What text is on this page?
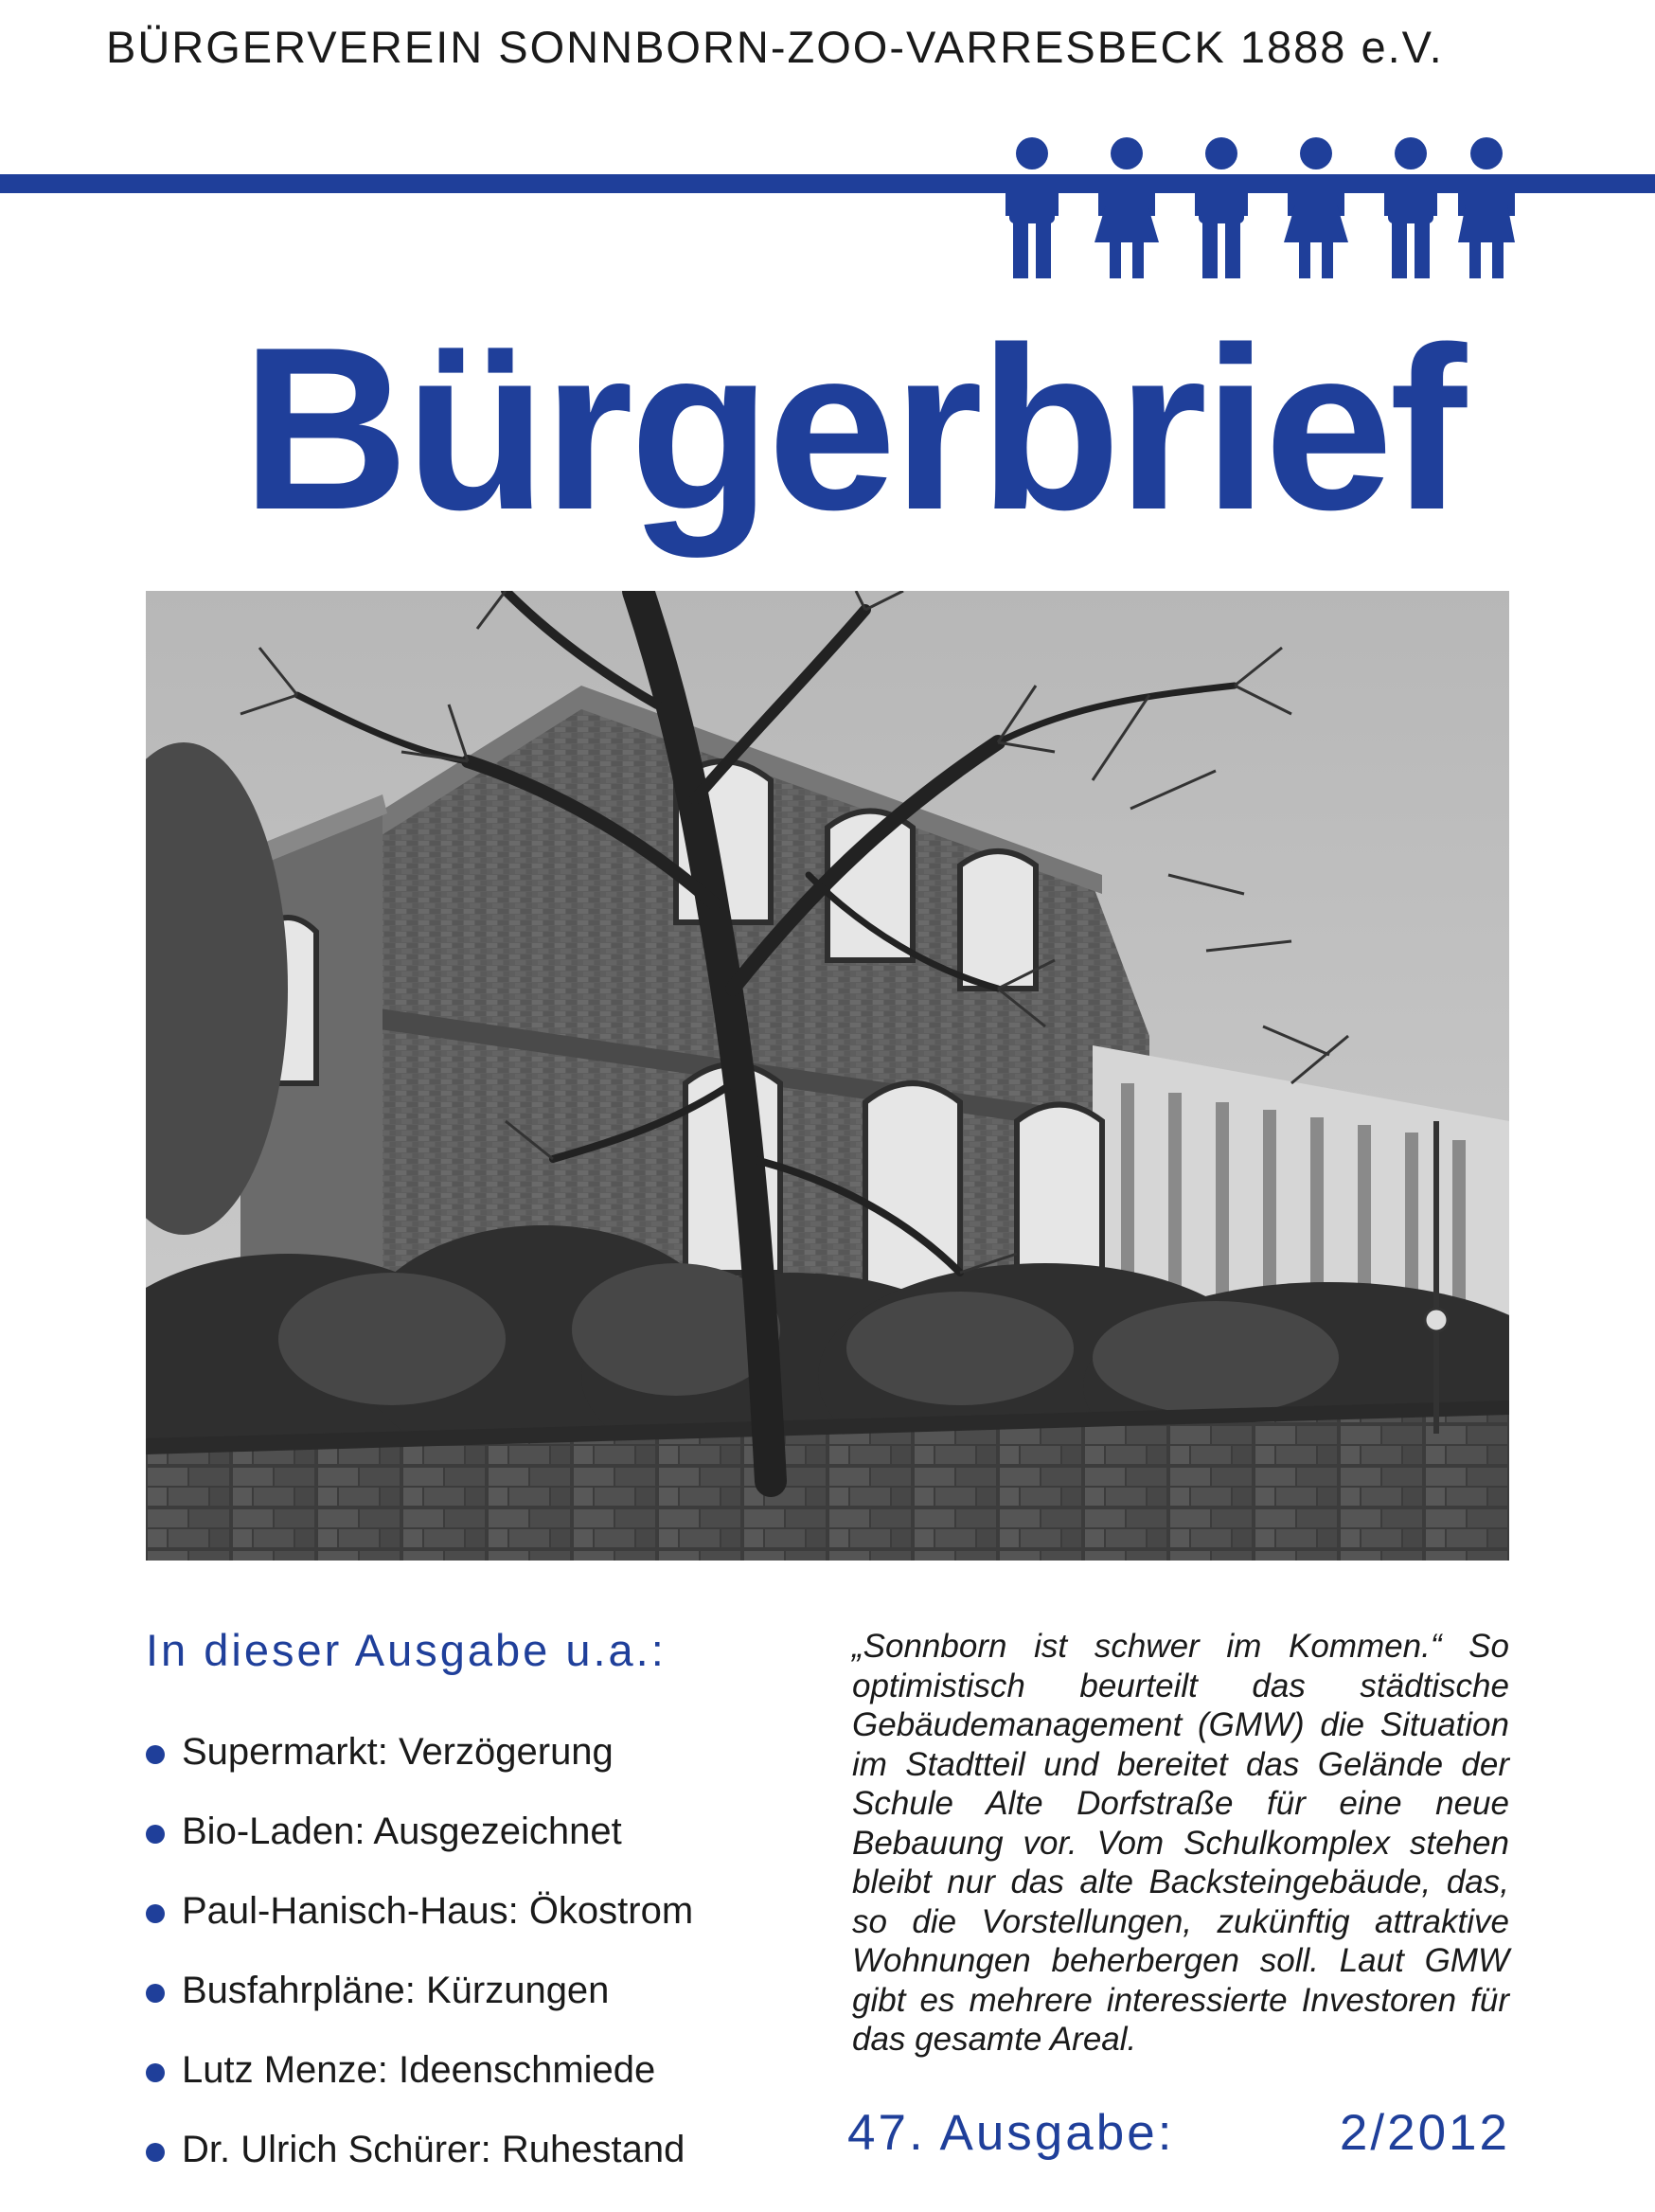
BÜRGERVEREIN SONNBORN-ZOO-VARRESBECK 1888 e.V.
Bürgerbrief
In dieser Ausgabe u.a.:
Supermarkt: Verzögerung
Bio-Laden: Ausgezeichnet
Paul-Hanisch-Haus: Ökostrom
Busfahrpläne: Kürzungen
Lutz Menze: Ideenschmiede
Dr. Ulrich Schürer: Ruhestand

„Sonnborn ist schwer im Kommen.“ So optimistisch beurteilt das städtische Gebäudemanagement (GMW) die Situation im Stadtteil und bereitet das Gelände der Schule Alte Dorfstraße für eine neue Bebauung vor. Vom Schulkomplex stehen bleibt nur das alte Backsteingebäude, das, so die Vorstellungen, zukünftig attraktive Wohnungen beherbergen soll. Laut GMW gibt es mehrere interessierte Investoren für das gesamte Areal.

47. Ausgabe:	2/2012
